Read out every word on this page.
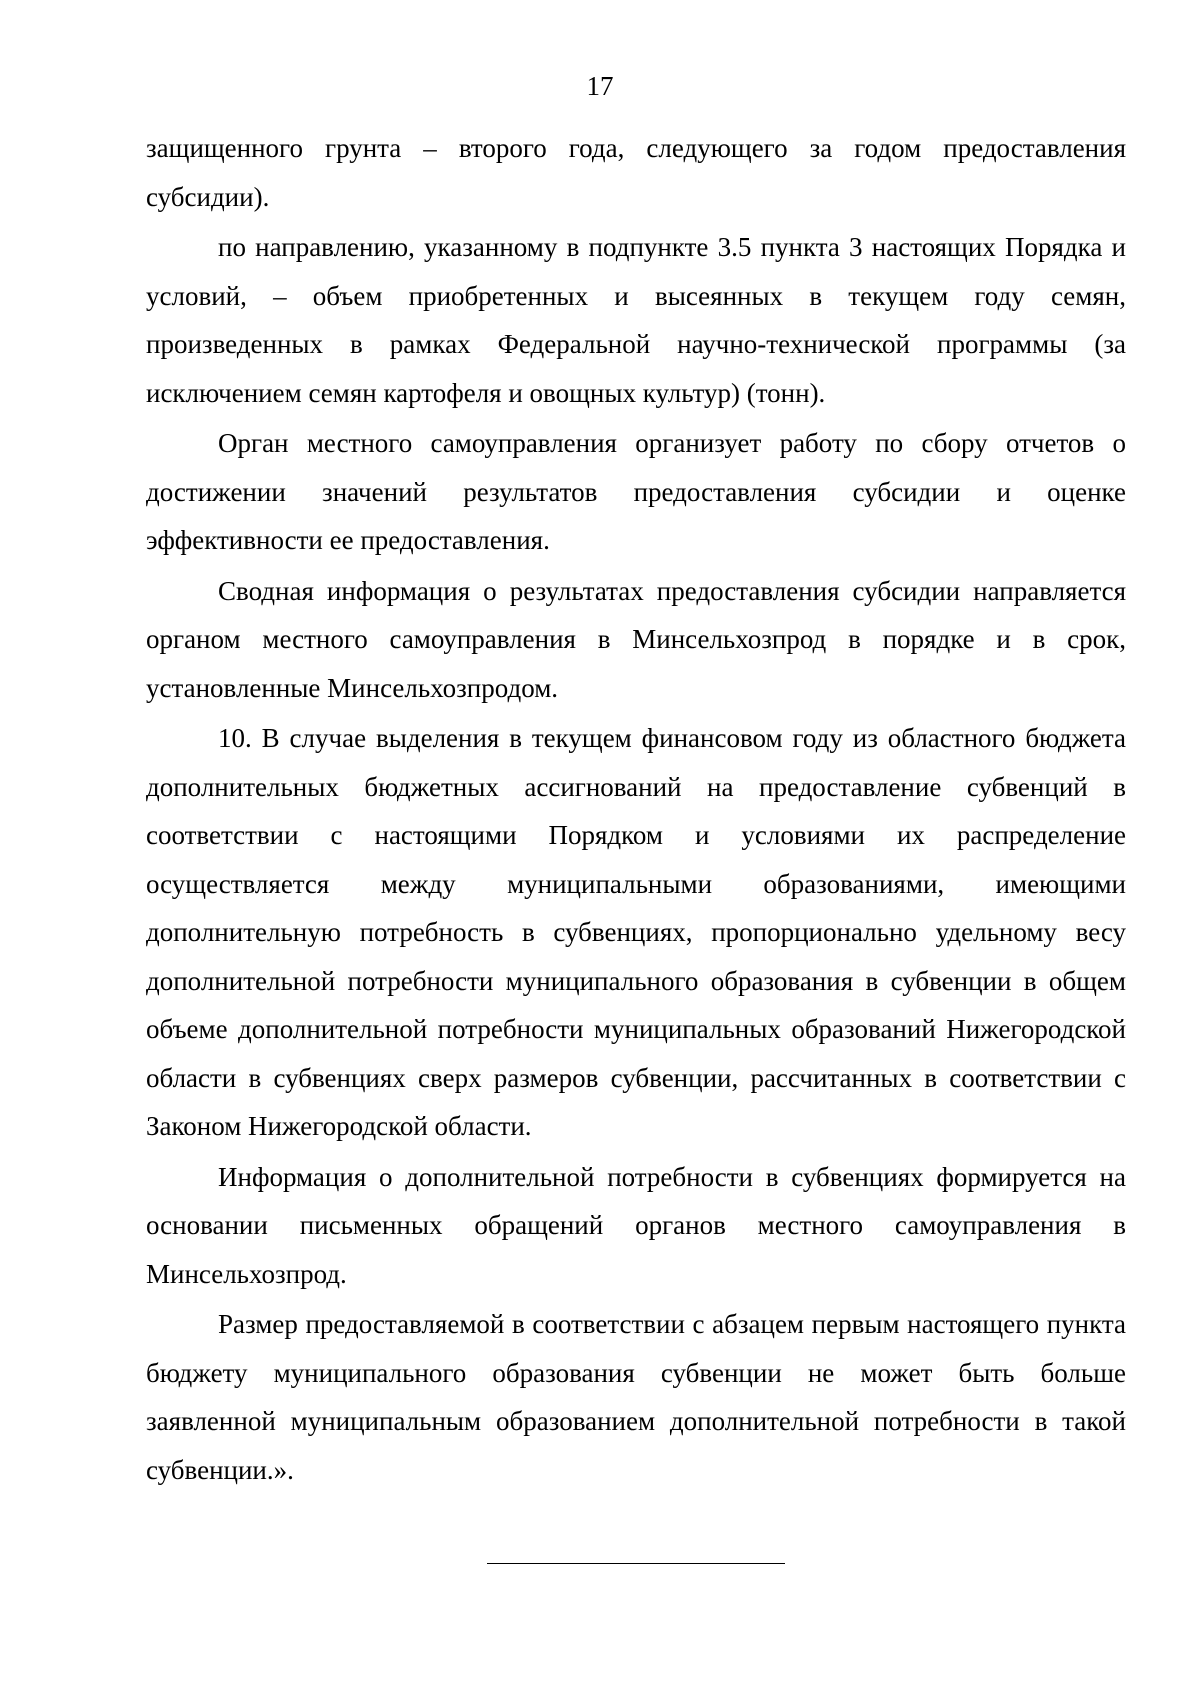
17

защищенного грунта – второго года, следующего за годом предоставления субсидии).

по направлению, указанному в подпункте 3.5 пункта 3 настоящих Порядка и условий, – объем приобретенных и высеянных в текущем году семян, произведенных в рамках Федеральной научно-технической программы (за исключением семян картофеля и овощных культур) (тонн).

Орган местного самоуправления организует работу по сбору отчетов о достижении значений результатов предоставления субсидии и оценке эффективности ее предоставления.

Сводная информация о результатах предоставления субсидии направляется органом местного самоуправления в Минсельхозпрод в порядке и в срок, установленные Минсельхозпродом.

10. В случае выделения в текущем финансовом году из областного бюджета дополнительных бюджетных ассигнований на предоставление субвенций в соответствии с настоящими Порядком и условиями их распределение осуществляется между муниципальными образованиями, имеющими дополнительную потребность в субвенциях, пропорционально удельному весу дополнительной потребности муниципального образования в субвенции в общем объеме дополнительной потребности муниципальных образований Нижегородской области в субвенциях сверх размеров субвенции, рассчитанных в соответствии с Законом Нижегородской области.

Информация о дополнительной потребности в субвенциях формируется на основании письменных обращений органов местного самоуправления в Минсельхозпрод.

Размер предоставляемой в соответствии с абзацем первым настоящего пункта бюджету муниципального образования субвенции не может быть больше заявленной муниципальным образованием дополнительной потребности в такой субвенции.».
